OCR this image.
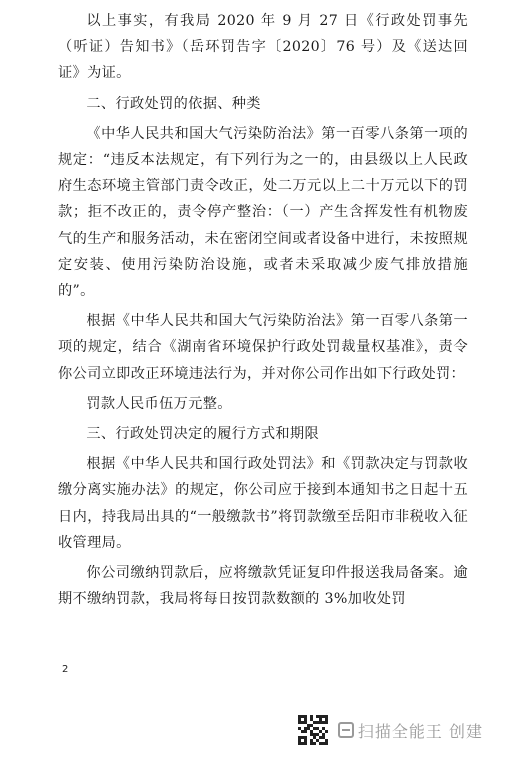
以上事实，有我局 2020 年 9 月 27 日《行政处罚事先（听证）告知书》（岳环罚告字〔2020〕76 号）及《送达回证》为证。

二、行政处罚的依据、种类

《中华人民共和国大气污染防治法》第一百零八条第一项的规定：“违反本法规定，有下列行为之一的，由县级以上人民政府生态环境主管部门责令改正，处二万元以上二十万元以下的罚款；拒不改正的，责令停产整治：（一）产生含挥发性有机物废气的生产和服务活动，未在密闭空间或者设备中进行，未按照规定安装、使用污染防治设施，或者未采取减少废气排放措施的”。

根据《中华人民共和国大气污染防治法》第一百零八条第一项的规定，结合《湖南省环境保护行政处罚裁量权基准》，责令你公司立即改正环境违法行为，并对你公司作出如下行政处罚：

罚款人民币伍万元整。

三、行政处罚决定的履行方式和期限

根据《中华人民共和国行政处罚法》和《罚款决定与罚款收缴分离实施办法》的规定，你公司应于接到本通知书之日起十五日内，持我局出具的“一般缴款书”将罚款缴至岳阳市非税收入征收管理局。

你公司缴纳罚款后，应将缴款凭证复印件报送我局备案。逾期不缴纳罚款，我局将每日按罚款数额的 3%加收处罚

2
扫描全能王 创建
